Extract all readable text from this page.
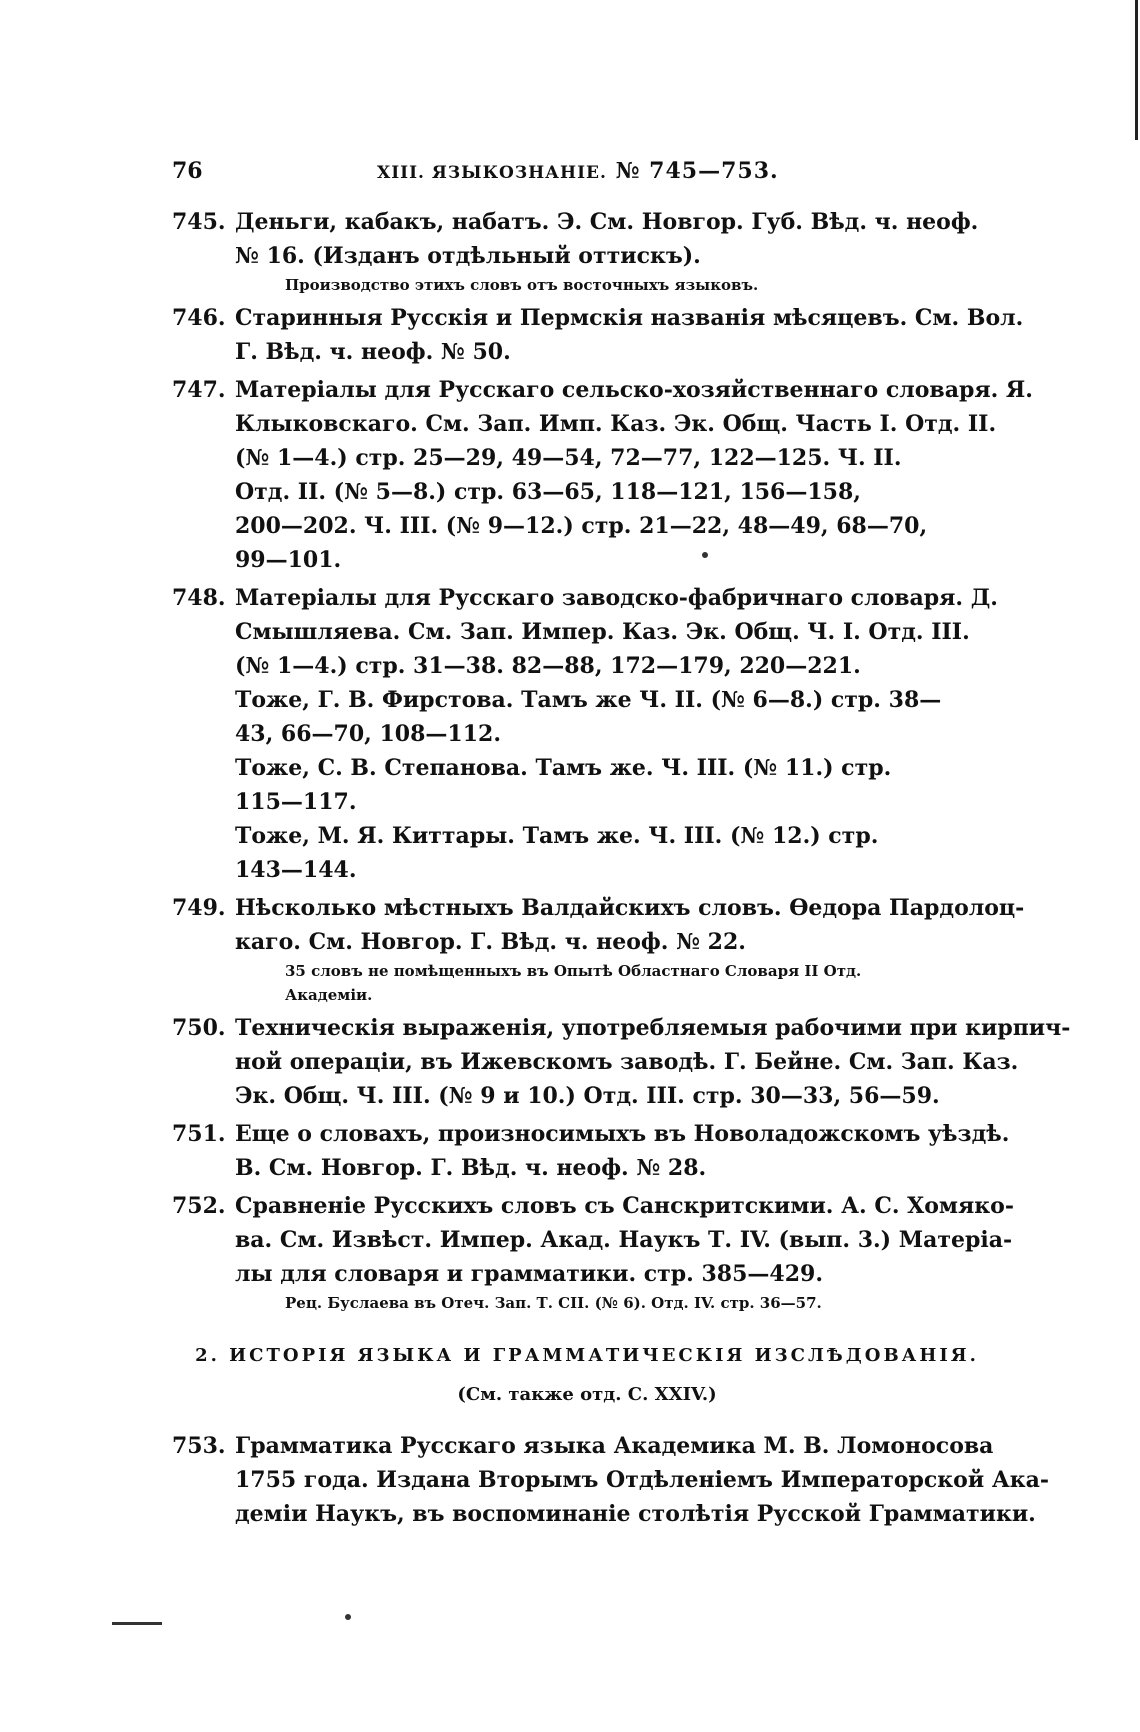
76	XIII. ЯЗЫКОЗНАНІЕ. № 745—753.
745. Деньги, кабакъ, набатъ. Э. См. Новгор. Губ. Вѣд. ч. неоф.
№ 16. (Изданъ отдѣльный оттискъ).
Производство этихъ словъ отъ восточныхъ языковъ.
746. Старинныя Русскія и Пермскія названія мѣсяцевъ. См. Вол.
Г. Вѣд. ч. неоф. № 50.
747. Матеріалы для Русскаго сельско-хозяйственнаго словаря. Я.
Клыковскаго. См. Зап. Имп. Каз. Эк. Общ. Часть I. Отд. II.
(№ 1—4.) стр. 25—29, 49—54, 72—77, 122—125. Ч. II.
Отд. II. (№ 5—8.) стр. 63—65, 118—121, 156—158,
200—202. Ч. III. (№ 9—12.) стр. 21—22, 48—49, 68—70,
99—101.
748. Матеріалы для Русскаго заводско-фабричнаго словаря. Д.
Смышляева. См. Зап. Импер. Каз. Эк. Общ. Ч. I. Отд. III.
(№ 1—4.) стр. 31—38. 82—88, 172—179, 220—221.
Тоже, Г. В. Фирстова. Тамъ же Ч. II. (№ 6—8.) стр. 38—
43, 66—70, 108—112.
Тоже, С. В. Степанова. Тамъ же. Ч. III. (№ 11.) стр.
115—117.
Тоже, М. Я. Киттары. Тамъ же. Ч. III. (№ 12.) стр.
143—144.
749. Нѣсколько мѣстныхъ Валдайскихъ словъ. Ѳедора Пардолоц-
каго. См. Новгор. Г. Вѣд. ч. неоф. № 22.
35 словъ не помѣщенныхъ въ Опытѣ Областнаго Словаря II Отд.
Академіи.
750. Техническія выраженія, употребляемыя рабочими при кирпич-
ной операціи, въ Ижевскомъ заводѣ. Г. Бейне. См. Зап. Каз.
Эк. Общ. Ч. III. (№ 9 и 10.) Отд. III. стр. 30—33, 56—59.
751. Еще о словахъ, произносимыхъ въ Новоладожскомъ уѣздѣ.
В. См. Новгор. Г. Вѣд. ч. неоф. № 28.
752. Сравненіе Русскихъ словъ съ Санскритскими. А. С. Хомяко-
ва. См. Извѣст. Импер. Акад. Наукъ Т. IV. (вып. 3.) Матеріа-
лы для словаря и грамматики. стр. 385—429.
Рец. Буслаева въ Отеч. Зап. Т. CII. (№ 6). Отд. IV. стр. 36—57.
2. ИСТОРІЯ ЯЗЫКА И ГРАММАТИЧЕСКІЯ ИЗСЛѢДОВАНІЯ.
(См. также отд. С. XXIV.)
753. Грамматика Русскаго языка Академика М. В. Ломоносова
1755 года. Издана Вторымъ Отдѣленіемъ Императорской Ака-
деміи Наукъ, въ воспоминаніе столѣтія Русской Грамматики.
